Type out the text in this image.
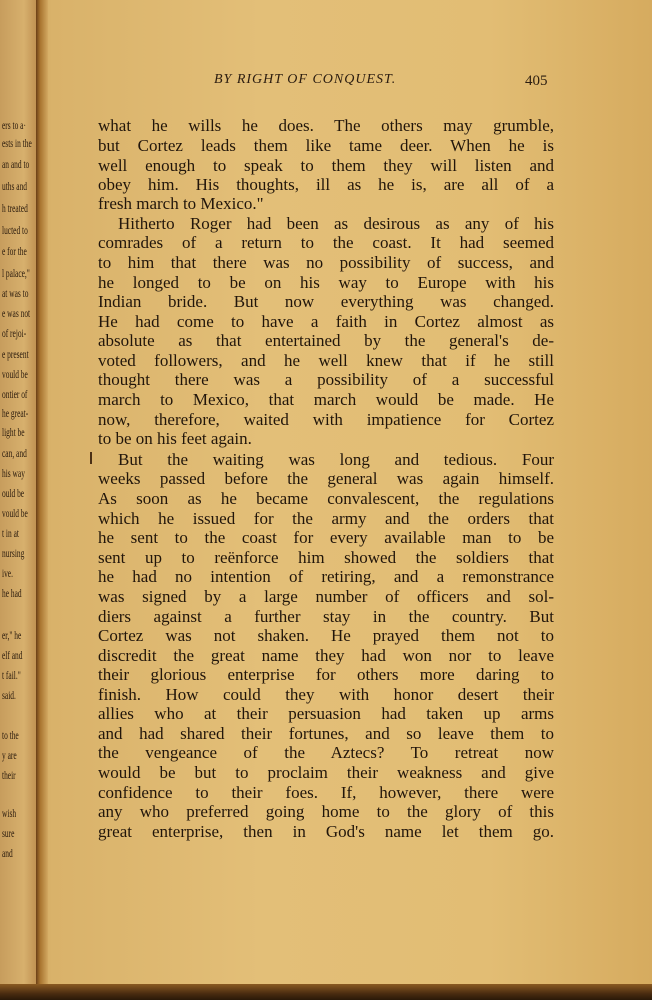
ers to a·
ests in the
an and to
uths and
h treated
lucted to
e for the
l palace,"
at was to
e was not
of rejoi-
e present
vould be
ontier of
he great-
light be
can, and
his way
ould be
vould be
t in at
nursing
ive.
he had
er," he
elf and
t fail."
said.
to the
y are
their
wish
sure
and
BY RIGHT OF CONQUEST.	405
what he wills he does. The others may grumble,
but Cortez leads them like tame deer. When he is
well enough to speak to them they will listen and
obey him. His thoughts, ill as he is, are all of a
fresh march to Mexico."
Hitherto Roger had been as desirous as any of his
comrades of a return to the coast. It had seemed
to him that there was no possibility of success, and
he longed to be on his way to Europe with his
Indian bride. But now everything was changed.
He had come to have a faith in Cortez almost as
absolute as that entertained by the general's de-
voted followers, and he well knew that if he still
thought there was a possibility of a successful
march to Mexico, that march would be made. He
now, therefore, waited with impatience for Cortez
to be on his feet again.
But the waiting was long and tedious. Four
weeks passed before the general was again himself.
As soon as he became convalescent, the regulations
which he issued for the army and the orders that
he sent to the coast for every available man to be
sent up to reënforce him showed the soldiers that
he had no intention of retiring, and a remonstrance
was signed by a large number of officers and sol-
diers against a further stay in the country. But
Cortez was not shaken. He prayed them not to
discredit the great name they had won nor to leave
their glorious enterprise for others more daring to
finish. How could they with honor desert their
allies who at their persuasion had taken up arms
and had shared their fortunes, and so leave them to
the vengeance of the Aztecs? To retreat now
would be but to proclaim their weakness and give
confidence to their foes. If, however, there were
any who preferred going home to the glory of this
great enterprise, then in God's name let them go.
